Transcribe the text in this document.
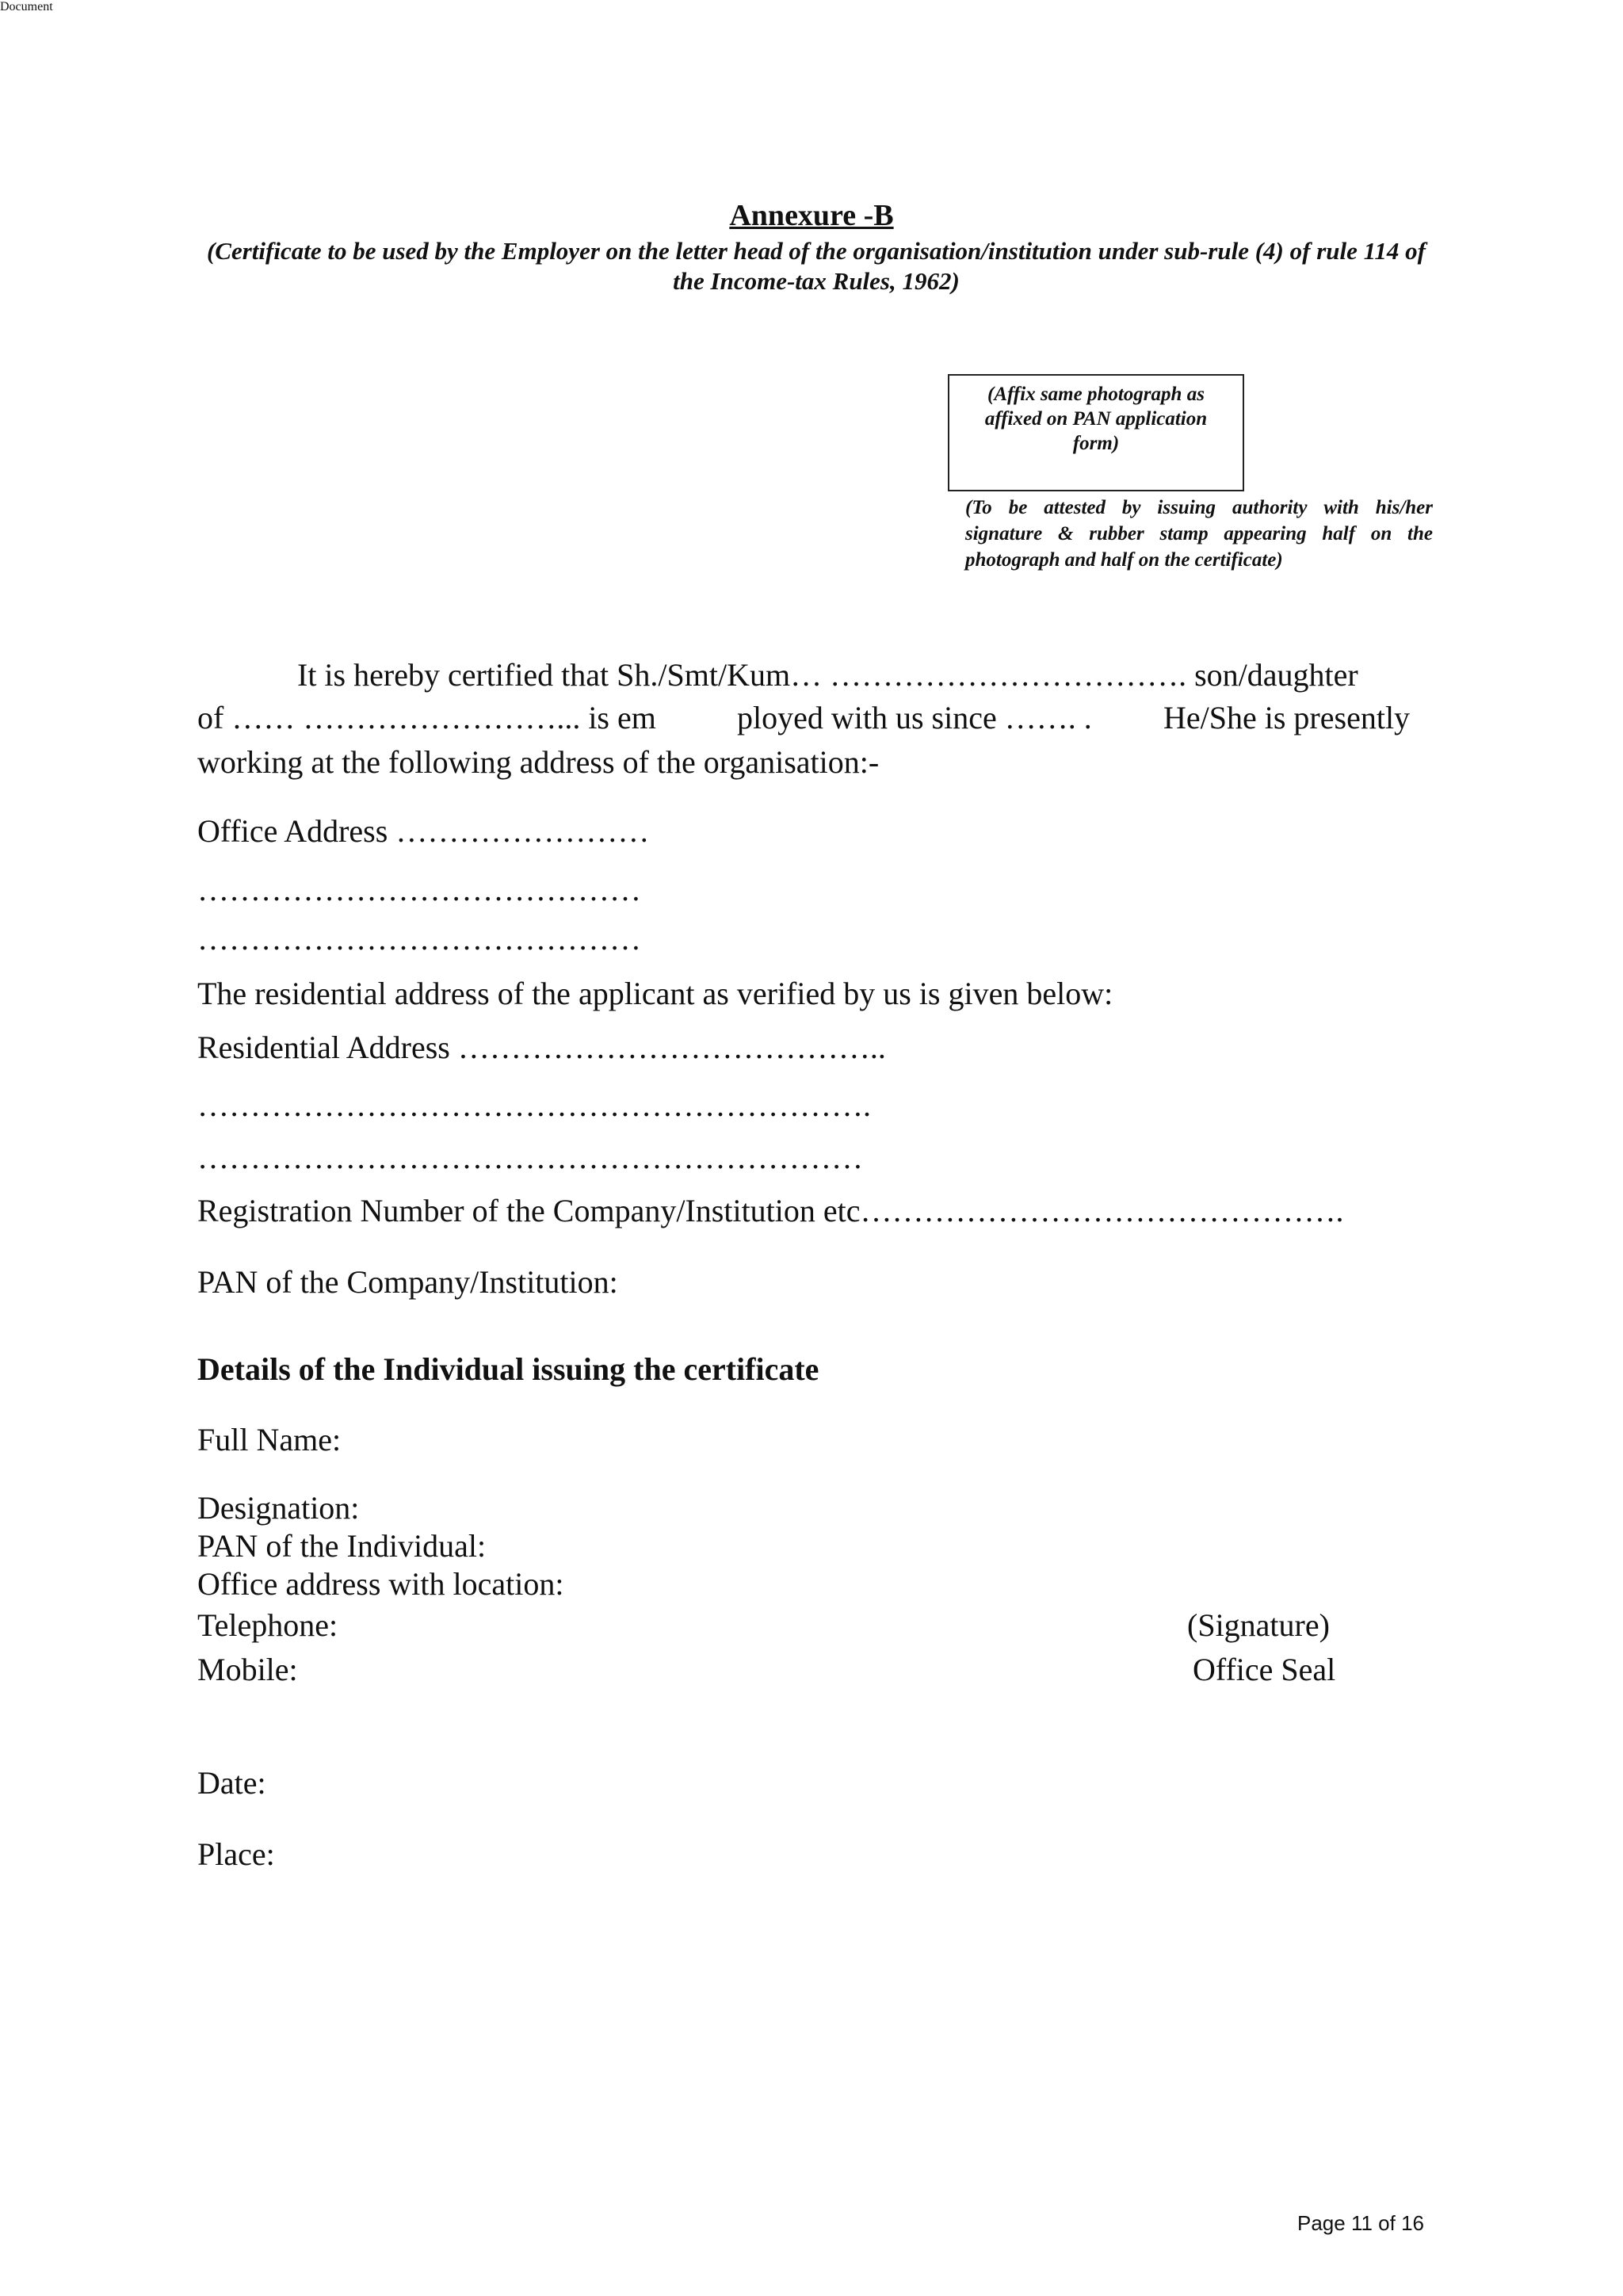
Document
Annexure -B
(Certificate to be used by the Employer on the letter head of the organisation/institution under sub-rule (4) of rule 114 of the Income-tax Rules, 1962)
(Affix same photograph as affixed on PAN application form)
(To be attested by issuing authority with his/her signature & rubber stamp appearing half on the photograph and half on the certificate)
It is hereby certified that Sh./Smt/Kum… ……………………………. son/daughter
of …… ……………………... is em	ployed with us since ……. . He/She is presently
working at the following address of the organisation:-
Office Address ……………………
……………………………………
……………………………………
The residential address of the applicant as verified by us is given below:
Residential Address …………………………………..
……………………………………………………….
………………………………………………………
Registration Number of the Company/Institution etc……………………………………….
PAN of the Company/Institution:
Details of the Individual issuing the certificate
Full Name:
Designation:
PAN of the Individual:
Office address with location:
Telephone:
Mobile:
(Signature)
Office Seal
Date:
Place:
Page 11 of 16
